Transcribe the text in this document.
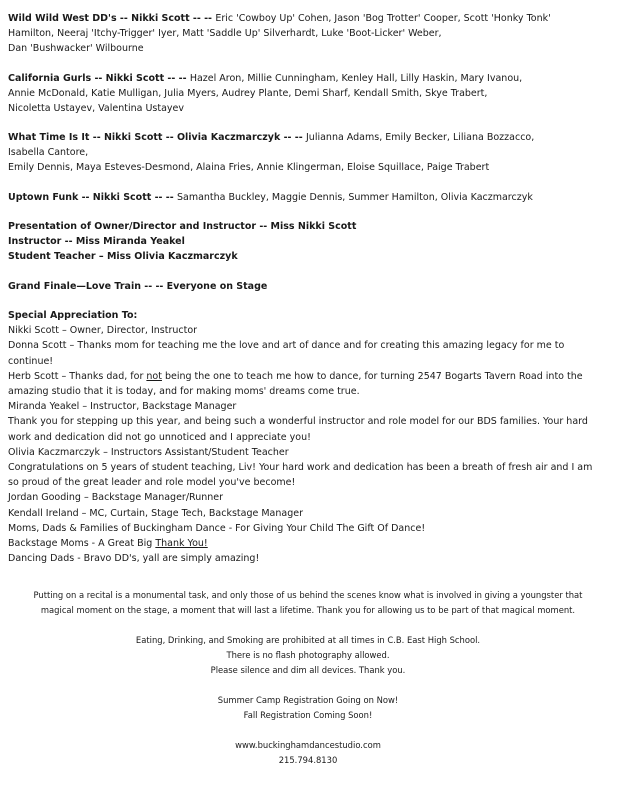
Wild Wild West DD's -- Nikki Scott -- -- Eric 'Cowboy Up' Cohen, Jason 'Bog Trotter' Cooper, Scott 'Honky Tonk'

Hamilton, Neeraj 'Itchy-Trigger' Iyer, Matt 'Saddle Up' Silverhardt, Luke 'Boot-Licker' Weber,

Dan 'Bushwacker' Wilbourne

California Gurls -- Nikki Scott -- -- Hazel Aron, Millie Cunningham, Kenley Hall, Lilly Haskin, Mary Ivanou,

Annie McDonald, Katie Mulligan, Julia Myers, Audrey Plante, Demi Sharf, Kendall Smith, Skye Trabert,

Nicoletta Ustayev, Valentina Ustayev

What Time Is It -- Nikki Scott -- Olivia Kaczmarczyk -- -- Julianna Adams, Emily Becker, Liliana Bozzacco,

Isabella Cantore,

Emily Dennis, Maya Esteves-Desmond, Alaina Fries, Annie Klingerman, Eloise Squillace, Paige Trabert

Uptown Funk -- Nikki Scott -- -- Samantha Buckley, Maggie Dennis, Summer Hamilton, Olivia Kaczmarczyk

Presentation of Owner/Director and Instructor -- Miss Nikki Scott

Instructor -- Miss Miranda Yeakel

Student Teacher – Miss Olivia Kaczmarczyk

Grand Finale—Love Train -- -- Everyone on Stage

Special Appreciation To:

Nikki Scott – Owner, Director, Instructor

Donna Scott – Thanks mom for teaching me the love and art of dance and for creating this amazing legacy for me to

continue!

Herb Scott – Thanks dad, for not being the one to teach me how to dance, for turning 2547 Bogarts Tavern Road into the

amazing studio that it is today, and for making moms' dreams come true.

Miranda Yeakel – Instructor, Backstage Manager

Thank you for stepping up this year, and being such a wonderful instructor and role model for our BDS families. Your hard

work and dedication did not go unnoticed and I appreciate you!

Olivia Kaczmarczyk – Instructors Assistant/Student Teacher

Congratulations on 5 years of student teaching, Liv! Your hard work and dedication has been a breath of fresh air and I am

so proud of the great leader and role model you've become!

Jordan Gooding – Backstage Manager/Runner

Kendall Ireland – MC, Curtain, Stage Tech, Backstage Manager

Moms, Dads & Families of Buckingham Dance - For Giving Your Child The Gift Of Dance!

Backstage Moms - A Great Big Thank You!

Dancing Dads - Bravo DD's, yall are simply amazing!

Putting on a recital is a monumental task, and only those of us behind the scenes know what is involved in giving a youngster that

magical moment on the stage, a moment that will last a lifetime. Thank you for allowing us to be part of that magical moment.

Eating, Drinking, and Smoking are prohibited at all times in C.B. East High School.

There is no flash photography allowed.

Please silence and dim all devices. Thank you.

Summer Camp Registration Going on Now!

Fall Registration Coming Soon!

www.buckinghamdancestudio.com

215.794.8130
